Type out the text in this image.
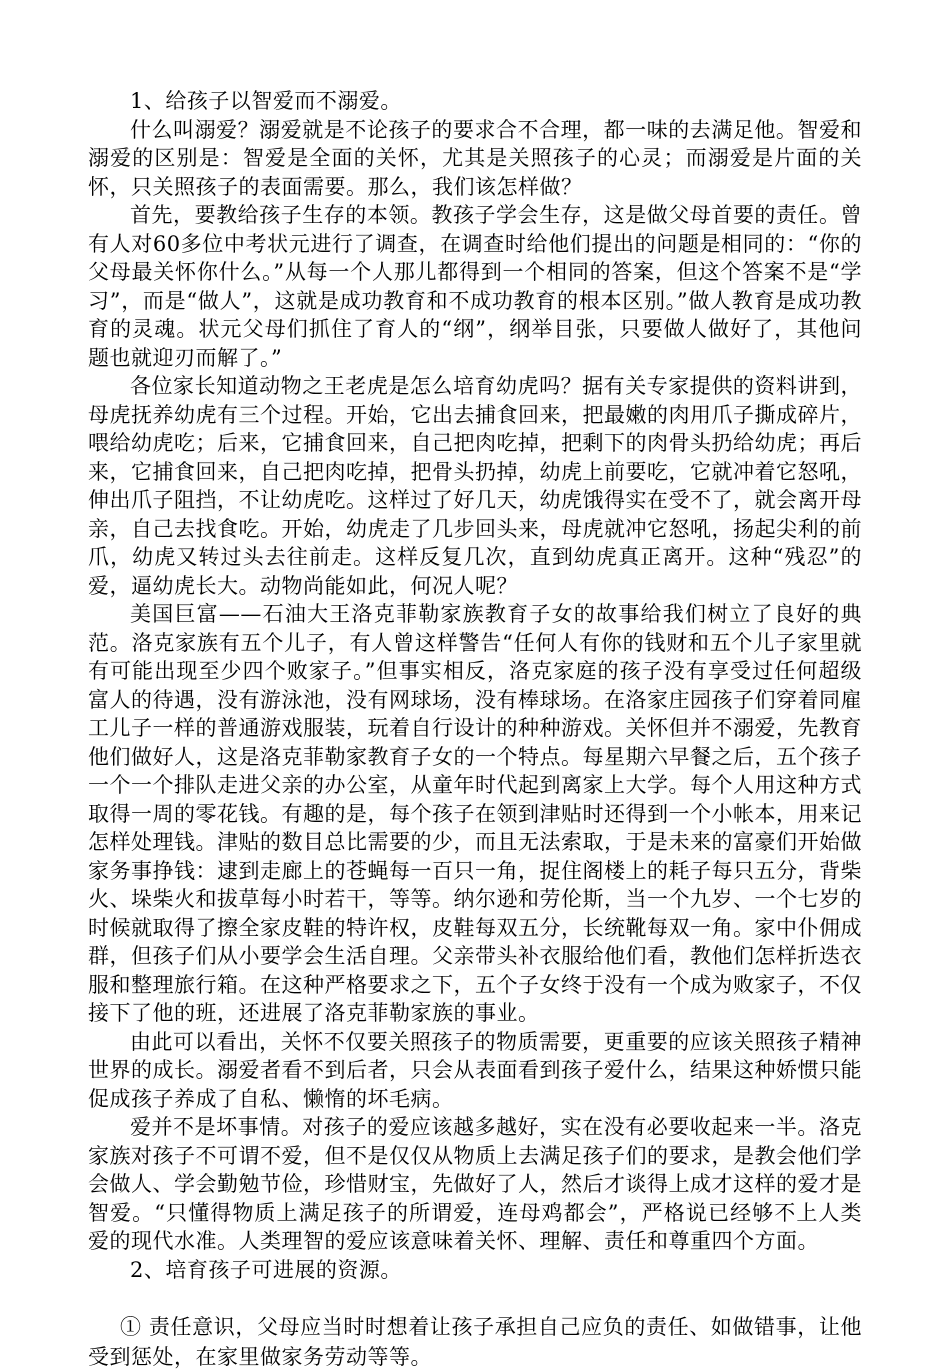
1、给孩子以智爱而不溺爱。

什么叫溺爱？溺爱就是不论孩子的要求合不合理，都一味的去满足他。智爱和溺爱的区别是：智爱是全面的关怀，尤其是关照孩子的心灵；而溺爱是片面的关怀，只关照孩子的表面需要。那么，我们该怎样做？

首先，要教给孩子生存的本领。教孩子学会生存，这是做父母首要的责任。曾有人对60多位中考状元进行了调查，在调查时给他们提出的问题是相同的：“你的父母最关怀你什么。”从每一个人那儿都得到一个相同的答案，但这个答案不是“学习”，而是“做人”，这就是成功教育和不成功教育的根本区别。”做人教育是成功教育的灵魂。状元父母们抓住了育人的“纲”，纲举目张，只要做人做好了，其他问题也就迎刃而解了。”

各位家长知道动物之王老虎是怎么培育幼虎吗？据有关专家提供的资料讲到，母虎抚养幼虎有三个过程。开始，它出去捕食回来，把最嫩的肉用爪子撕成碎片，喂给幼虎吃；后来，它捕食回来，自己把肉吃掉，把剩下的肉骨头扔给幼虎；再后来，它捕食回来，自己把肉吃掉，把骨头扔掉，幼虎上前要吃，它就冲着它怒吼，伸出爪子阻挡，不让幼虎吃。这样过了好几天，幼虎饿得实在受不了，就会离开母亲，自己去找食吃。开始，幼虎走了几步回头来，母虎就冲它怒吼，扬起尖利的前爪，幼虎又转过头去往前走。这样反复几次，直到幼虎真正离开。这种“残忍”的爱，逼幼虎长大。动物尚能如此，何况人呢？

美国巨富——石油大王洛克菲勒家族教育子女的故事给我们树立了良好的典范。洛克家族有五个儿子，有人曾这样警告“任何人有你的钱财和五个儿子家里就有可能出现至少四个败家子。”但事实相反，洛克家庭的孩子没有享受过任何超级富人的待遇，没有游泳池，没有网球场，没有棒球场。在洛家庄园孩子们穿着同雇工儿子一样的普通游戏服装，玩着自行设计的种种游戏。关怀但并不溺爱，先教育他们做好人，这是洛克菲勒家教育子女的一个特点。每星期六早餐之后，五个孩子一个一个排队走进父亲的办公室，从童年时代起到离家上大学。每个人用这种方式取得一周的零花钱。有趣的是，每个孩子在领到津贴时还得到一个小帐本，用来记怎样处理钱。津贴的数目总比需要的少，而且无法索取，于是未来的富豪们开始做家务事挣钱：逮到走廊上的苍蝇每一百只一角，捉住阁楼上的耗子每只五分，背柴火、垛柴火和拔草每小时若干，等等。纳尔逊和劳伦斯，当一个九岁、一个七岁的时候就取得了擦全家皮鞋的特许权，皮鞋每双五分，长统靴每双一角。家中仆佣成群，但孩子们从小要学会生活自理。父亲带头补衣服给他们看，教他们怎样折迭衣服和整理旅行箱。在这种严格要求之下，五个子女终于没有一个成为败家子，不仅接下了他的班，还进展了洛克菲勒家族的事业。

由此可以看出，关怀不仅要关照孩子的物质需要，更重要的应该关照孩子精神世界的成长。溺爱者看不到后者，只会从表面看到孩子爱什么，结果这种娇惯只能促成孩子养成了自私、懒惰的坏毛病。

爱并不是坏事情。对孩子的爱应该越多越好，实在没有必要收起来一半。洛克家族对孩子不可谓不爱，但不是仅仅从物质上去满足孩子们的要求，是教会他们学会做人、学会勤勉节俭，珍惜财宝，先做好了人，然后才谈得上成才这样的爱才是智爱。“只懂得物质上满足孩子的所谓爱，连母鸡都会”，严格说已经够不上人类爱的现代水准。人类理智的爱应该意味着关怀、理解、责任和尊重四个方面。

2、培育孩子可进展的资源。

① 责任意识，父母应当时时想着让孩子承担自己应负的责任、如做错事，让他受到惩处，在家里做家务劳动等等。
